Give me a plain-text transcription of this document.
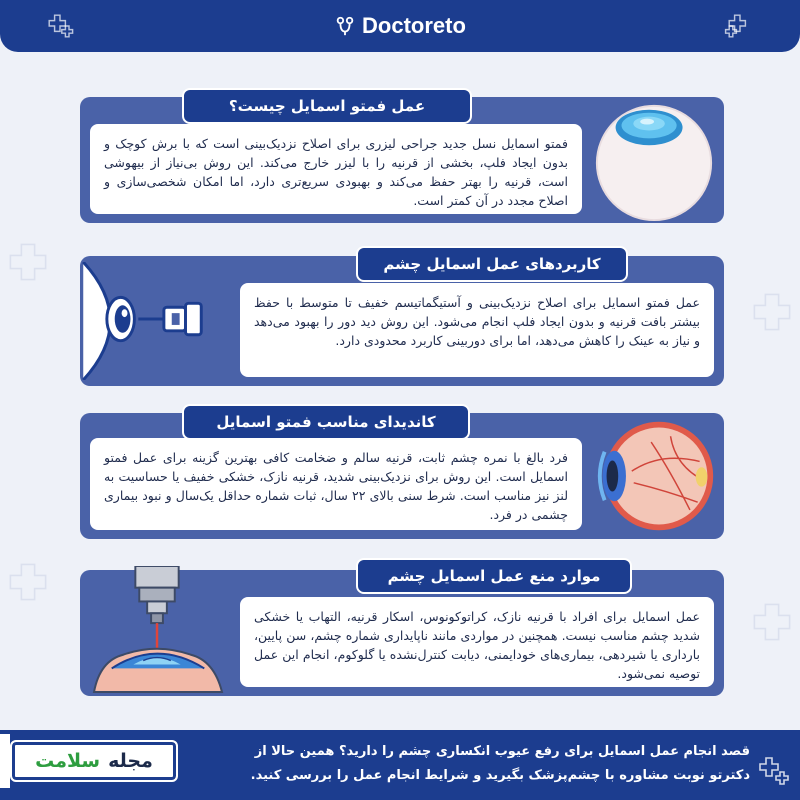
Doctoreto
فمتو اسمایل نسل جدید جراحی لیزری برای اصلاح نزدیک‌بینی است که با برش کوچک و بدون ایجاد فلپ، بخشی از قرنیه را با لیزر خارج می‌کند. این روش بی‌نیاز از بیهوشی است، قرنیه را بهتر حفظ می‌کند و بهبودی سریع‌تری دارد، اما امکان شخصی‌سازی و اصلاح مجدد در آن کمتر است.
عمل فمتو اسمایل چیست؟
عمل فمتو اسمایل برای اصلاح نزدیک‌بینی و آستیگماتیسم خفیف تا متوسط با حفظ بیشتر بافت قرنیه و بدون ایجاد فلپ انجام می‌شود. این روش دید دور را بهبود می‌دهد و نیاز به عینک را کاهش می‌دهد، اما برای دوربینی کاربرد محدودی دارد.
کاربردهای عمل اسمایل چشم
فرد بالغ با نمره چشم ثابت، قرنیه سالم و ضخامت کافی بهترین گزینه برای عمل فمتو اسمایل است. این روش برای نزدیک‌بینی شدید، قرنیه نازک، خشکی خفیف یا حساسیت به لنز نیز مناسب است. شرط سنی بالای ۲۲ سال، ثبات شماره حداقل یک‌سال و نبود بیماری چشمی در فرد.
کاندیدای مناسب فمتو اسمایل
عمل اسمایل برای افراد با قرنیه نازک، کراتوکونوس، اسکار قرنیه، التهاب یا خشکی شدید چشم مناسب نیست. همچنین در مواردی مانند ناپایداری شماره چشم، سن پایین، بارداری یا شیردهی، بیماری‌های خودایمنی، دیابت کنترل‌نشده یا گلوکوم، انجام این عمل توصیه نمی‌شود.
موارد منع عمل اسمایل چشم
قصد انجام عمل اسمایل برای رفع عیوب انکساری چشم را دارید؟ همین حالا از
دکترتو نوبت مشاوره با چشم‌پزشک بگیرید و شرایط انجام عمل را بررسی کنید.
مجله
سلامت
